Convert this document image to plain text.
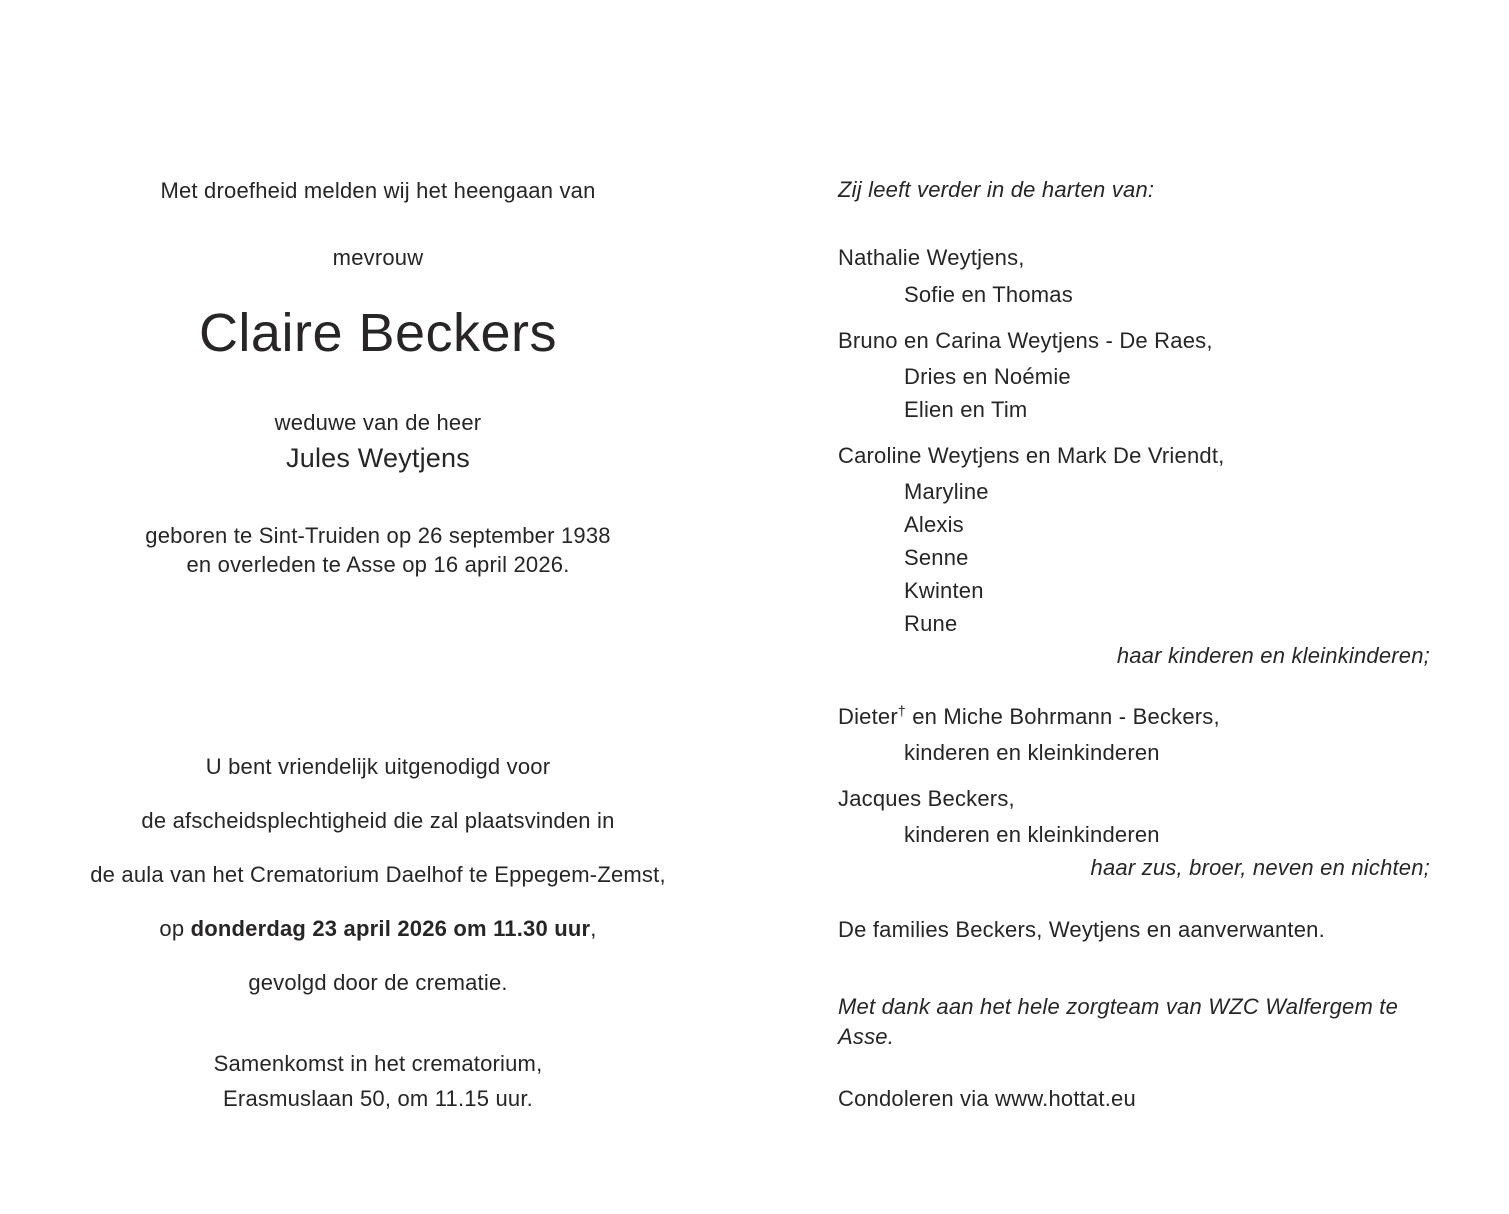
Met droefheid melden wij het heengaan van
mevrouw
Claire Beckers
weduwe van de heer
Jules Weytjens
geboren te Sint-Truiden op 26 september 1938
en overleden te Asse op 16 april 2026.
U bent vriendelijk uitgenodigd voor
de afscheidsplechtigheid die zal plaatsvinden in
de aula van het Crematorium Daelhof te Eppegem-Zemst,
op donderdag 23 april 2026 om 11.30 uur,
gevolgd door de crematie.
Samenkomst in het crematorium,
Erasmuslaan 50, om 11.15 uur.
Zij leeft verder in de harten van:
Nathalie Weytjens,
Sofie en Thomas
Bruno en Carina Weytjens - De Raes,
Dries en Noémie
Elien en Tim
Caroline Weytjens en Mark De Vriendt,
Maryline
Alexis
Senne
Kwinten
Rune
haar kinderen en kleinkinderen;
Dieter† en Miche Bohrmann - Beckers,
kinderen en kleinkinderen
Jacques Beckers,
kinderen en kleinkinderen
haar zus, broer, neven en nichten;
De families Beckers, Weytjens en aanverwanten.
Met dank aan het hele zorgteam van WZC Walfergem te Asse.
Condoleren via www.hottat.eu
